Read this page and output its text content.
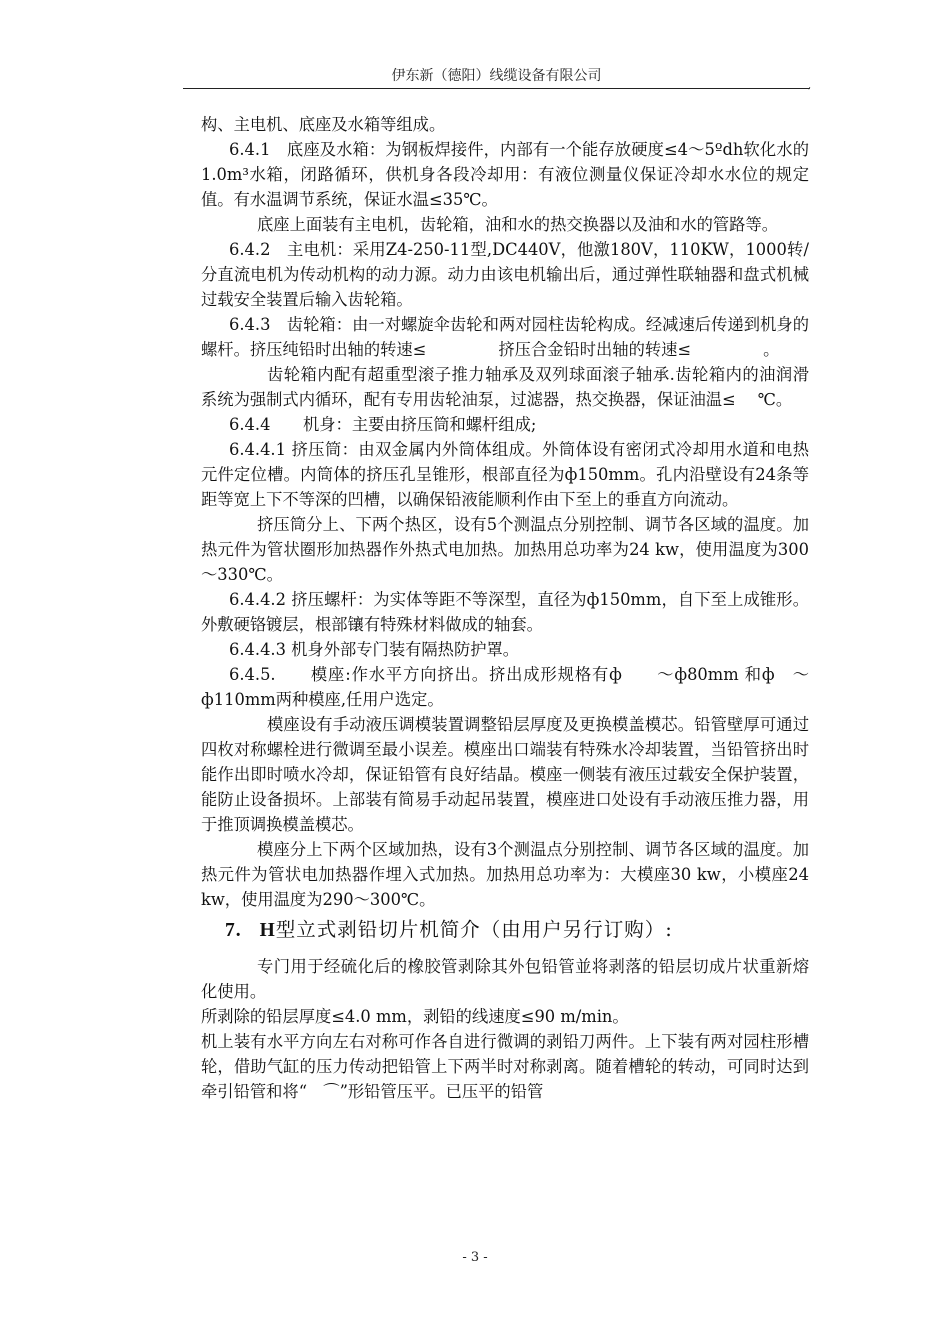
伊东新（德阳）线缆设备有限公司
,

构、主电机、底座及水箱等组成。

6.4.1　底座及水箱：为钢板焊接件，内部有一个能存放硬度≤4～5ºdh软化水的1.0m³水箱，闭路循环，供机身各段冷却用：有液位测量仪保证冷却水水位的规定值。有水温调节系统，保证水温≤35℃。

底座上面装有主电机，齿轮箱，油和水的热交换器以及油和水的管路等。

6.4.2　主电机：采用Z4-250-11型,DC440V，他激180V，110KW，1000转/分直流电机为传动机构的动力源。动力由该电机输出后，通过弹性联轴器和盘式机械过载安全装置后输入齿轮箱。

6.4.3　齿轮箱：由一对螺旋伞齿轮和两对园柱齿轮构成。经减速后传递到机身的螺杆。挤压纯铅时出轴的转速≤	挤压合金铅时出轴的转速≤	。

齿轮箱内配有超重型滚子推力轴承及双列球面滚子轴承.齿轮箱内的油润滑系统为强制式内循环，配有专用齿轮油泵，过滤器，热交换器，保证油温≤ ℃。

6.4.4　　机身：主要由挤压筒和螺杆组成;

6.4.4.1 挤压筒：由双金属内外筒体组成。外筒体设有密闭式冷却用水道和电热元件定位槽。内筒体的挤压孔呈锥形，根部直径为ф150mm。孔内沿壁设有24条等距等宽上下不等深的凹槽，以确保铅液能顺利作由下至上的垂直方向流动。

挤压筒分上、下两个热区，设有5个测温点分别控制、调节各区域的温度。加热元件为管状圈形加热器作外热式电加热。加热用总功率为24 kw，使用温度为300～330℃。

6.4.4.2 挤压螺杆：为实体等距不等深型，直径为ф150mm，自下至上成锥形。外敷硬铬镀层，根部镶有特殊材料做成的轴套。

6.4.4.3 机身外部专门装有隔热防护罩。

6.4.5.　　模座:作水平方向挤出。挤出成形规格有ф　　～ф80mm 和ф　～ф110mm两种模座,任用户选定。

模座设有手动液压调模装置调整铅层厚度及更换模盖模芯。铅管壁厚可通过四枚对称螺栓进行微调至最小误差。模座出口端装有特殊水冷却装置，当铅管挤出时能作出即时喷水冷却，保证铅管有良好结晶。模座一侧装有液压过载安全保护装置，能防止设备损坏。上部装有简易手动起吊装置，模座进口处设有手动液压推力器，用于推顶调换模盖模芯。

模座分上下两个区域加热，设有3个测温点分别控制、调节各区域的温度。加热元件为管状电加热器作埋入式加热。加热用总功率为：大模座30 kw，小模座24 kw，使用温度为290～300℃。

7. H型立式剥铅切片机简介（由用户另行订购）:

专门用于经硫化后的橡胶管剥除其外包铅管並将剥落的铅层切成片状重新熔化使用。

所剥除的铅层厚度≤4.0 mm，剥铅的线速度≤90 m/min。

机上装有水平方向左右对称可作各自进行微调的剥铅刀两件。上下装有两对园柱形槽轮，借助气缸的压力传动把铅管上下两半时对称剥离。随着槽轮的转动，可同时达到牵引铅管和将“　⌒”形铅管压平。已压平的铅管

- 3 -
